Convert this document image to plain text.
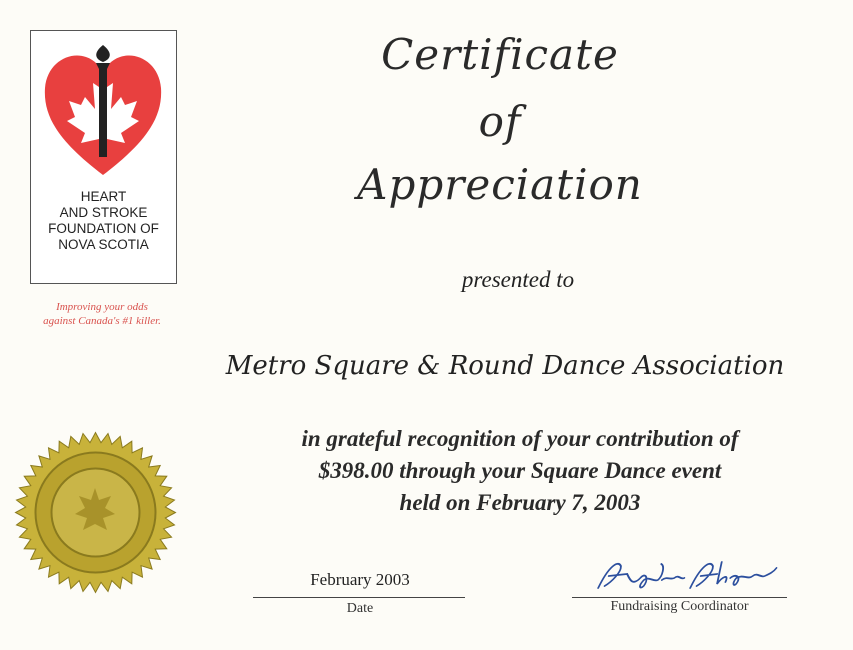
HEART
AND STROKE
FOUNDATION OF
NOVA SCOTIA
Improving your odds
against Canada's #1 killer.
Certificate
of
Appreciation
presented to
Metro Square & Round Dance Association
in grateful recognition of your contribution of
$398.00 through your Square Dance event
held on February 7, 2003
February 2003
Date	Fundraising Coordinator
